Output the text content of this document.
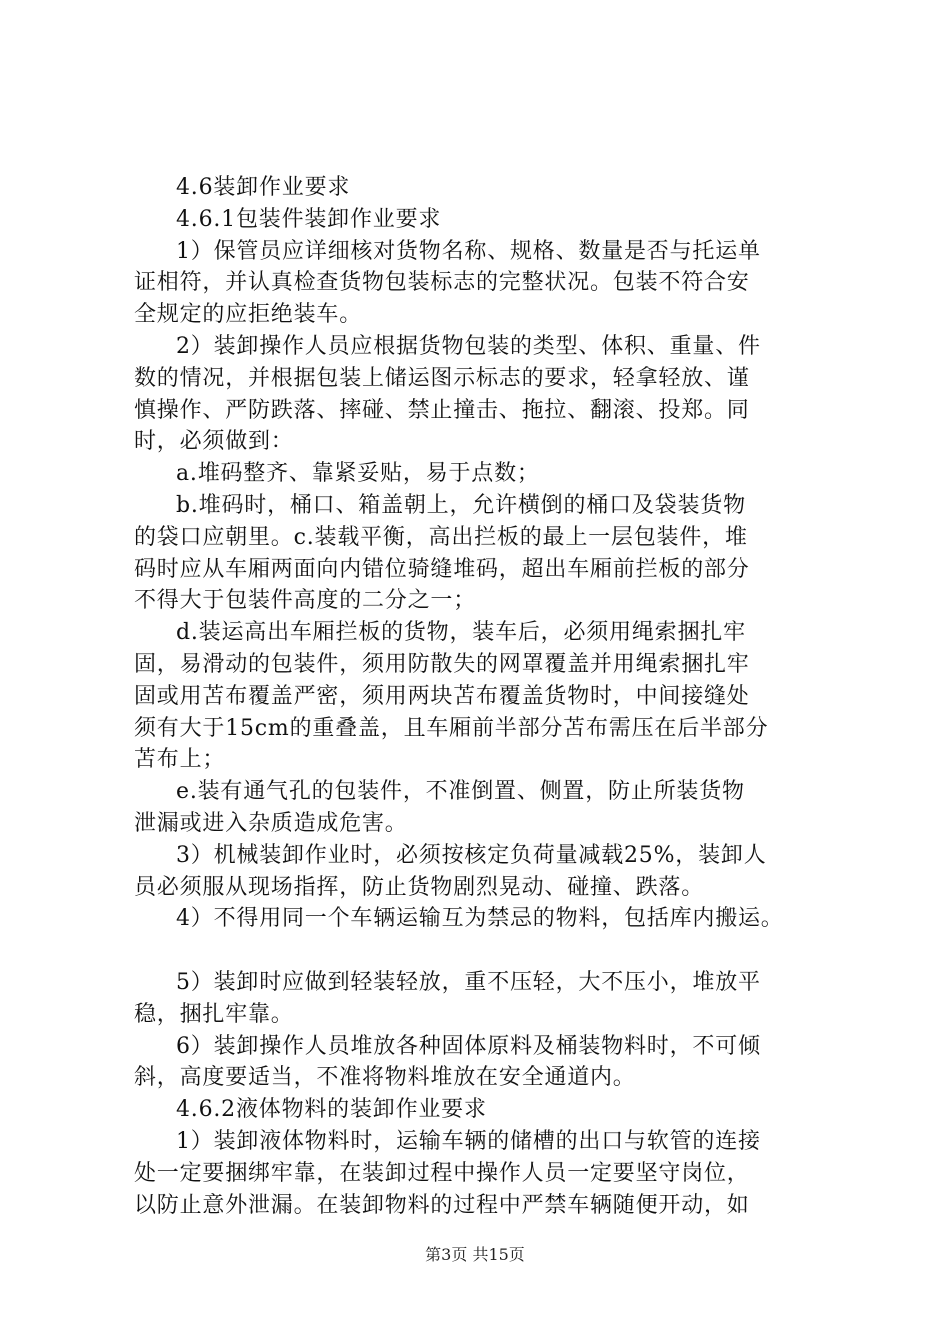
4.6装卸作业要求
4.6.1包装件装卸作业要求
1）保管员应详细核对货物名称、规格、数量是否与托运单
证相符，并认真检查货物包装标志的完整状况。包装不符合安
全规定的应拒绝装车。
2）装卸操作人员应根据货物包装的类型、体积、重量、件
数的情况，并根据包装上储运图示标志的要求，轻拿轻放、谨
慎操作、严防跌落、摔碰、禁止撞击、拖拉、翻滚、投郑。同
时，必须做到：
a.堆码整齐、靠紧妥贴，易于点数；
b.堆码时，桶口、箱盖朝上，允许横倒的桶口及袋装货物
的袋口应朝里。c.装载平衡，高出拦板的最上一层包装件，堆
码时应从车厢两面向内错位骑缝堆码，超出车厢前拦板的部分
不得大于包装件高度的二分之一；
d.装运高出车厢拦板的货物，装车后，必须用绳索捆扎牢
固，易滑动的包装件，须用防散失的网罩覆盖并用绳索捆扎牢
固或用苫布覆盖严密，须用两块苫布覆盖货物时，中间接缝处
须有大于15cm的重叠盖，且车厢前半部分苫布需压在后半部分
苫布上；
e.装有通气孔的包装件，不准倒置、侧置，防止所装货物
泄漏或进入杂质造成危害。
3）机械装卸作业时，必须按核定负荷量减载25%，装卸人
员必须服从现场指挥，防止货物剧烈晃动、碰撞、跌落。
4）不得用同一个车辆运输互为禁忌的物料，包括库内搬运。
5）装卸时应做到轻装轻放，重不压轻，大不压小，堆放平
稳，捆扎牢靠。
6）装卸操作人员堆放各种固体原料及桶装物料时，不可倾
斜，高度要适当，不准将物料堆放在安全通道内。
4.6.2液体物料的装卸作业要求
1）装卸液体物料时，运输车辆的储槽的出口与软管的连接
处一定要捆绑牢靠，在装卸过程中操作人员一定要坚守岗位，
以防止意外泄漏。在装卸物料的过程中严禁车辆随便开动，如
第3页 共15页
